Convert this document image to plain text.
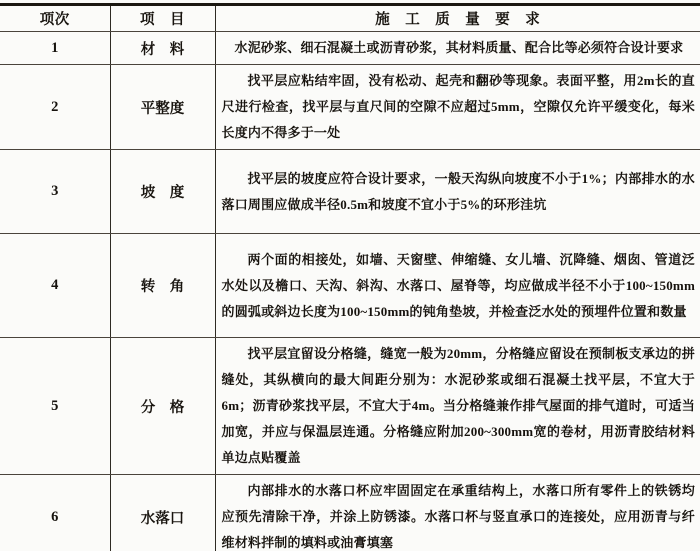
项次	项　目	施　工　质　量　要　求
1	材　料	水泥砂浆、细石混凝土或沥青砂浆，其材料质量、配合比等必须符合设计要求

2	平整度	找平层应粘结牢固，没有松动、起壳和翻砂等现象。表面平整，用2m长的直尺进行检查，找平层与直尺间的空隙不应超过5mm，空隙仅允许平缓变化，每米长度内不得多于一处

3	坡　度	找平层的坡度应符合设计要求，一般天沟纵向坡度不小于1%；内部排水的水落口周围应做成半径0.5m和坡度不宜小于5%的环形洼坑

4	转　角	两个面的相接处，如墙、天窗壁、伸缩缝、女儿墙、沉降缝、烟囱、管道泛水处以及檐口、天沟、斜沟、水落口、屋脊等，均应做成半径不小于100~150mm的圆弧或斜边长度为100~150mm的钝角垫坡，并检查泛水处的预埋件位置和数量

5	分　格	找平层宜留设分格缝，缝宽一般为20mm，分格缝应留设在预制板支承边的拼缝处，其纵横向的最大间距分别为：水泥砂浆或细石混凝土找平层，不宜大于6m；沥青砂浆找平层，不宜大于4m。当分格缝兼作排气屋面的排气道时，可适当加宽，并应与保温层连通。分格缝应附加200~300mm宽的卷材，用沥青胶结材料单边点贴覆盖

6	水落口	内部排水的水落口杯应牢固固定在承重结构上，水落口所有零件上的铁锈均应预先清除干净，并涂上防锈漆。水落口杯与竖直承口的连接处，应用沥青与纤维材料拌制的填料或油膏填塞
